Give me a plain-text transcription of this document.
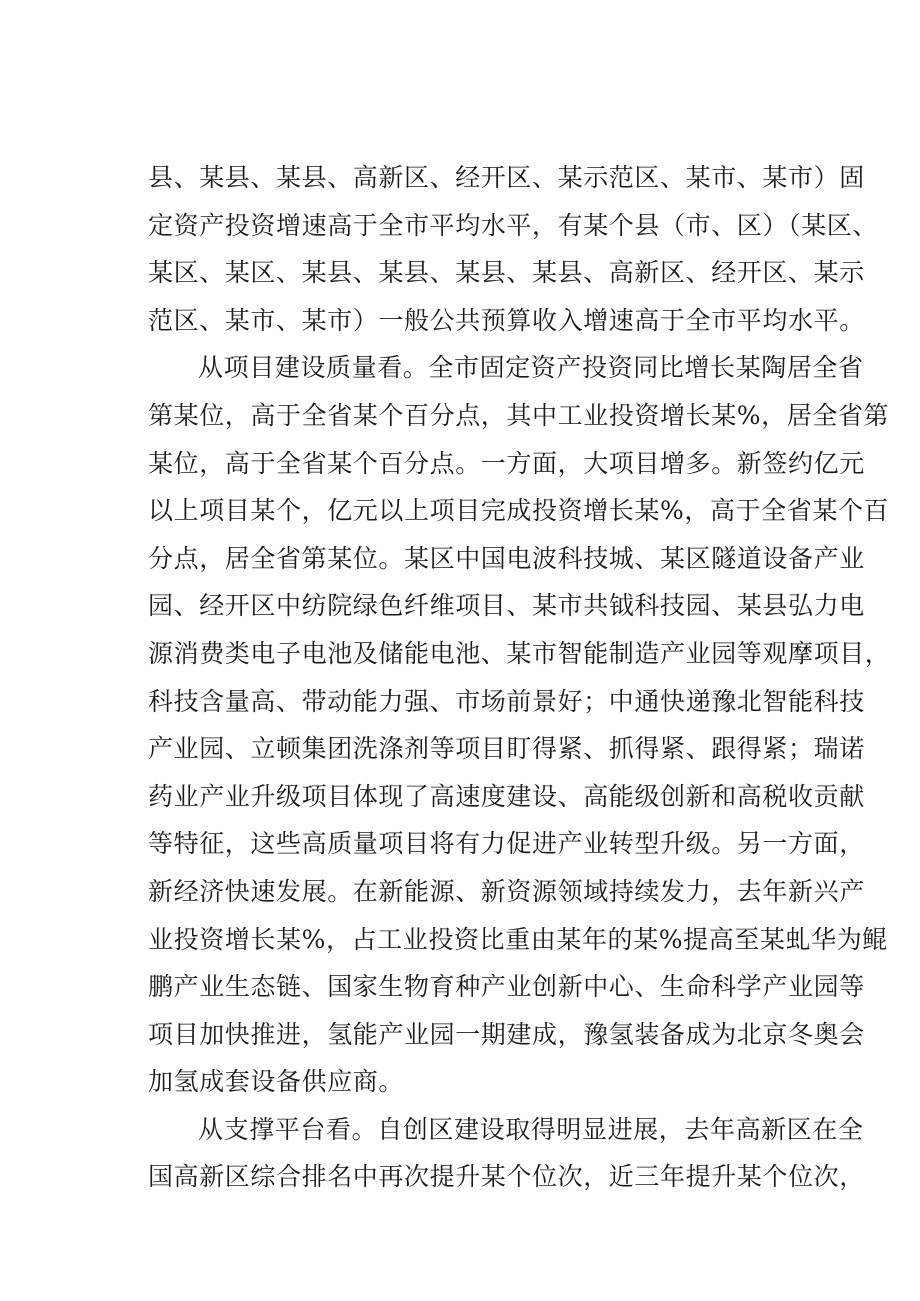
县、某县、某县、高新区、经开区、某示范区、某市、某市）固
定资产投资增速高于全市平均水平，有某个县（市、区）（某区、
某区、某区、某县、某县、某县、某县、高新区、经开区、某示
范区、某市、某市）一般公共预算收入增速高于全市平均水平。
从项目建设质量看。全市固定资产投资同比增长某陶居全省
第某位，高于全省某个百分点，其中工业投资增长某%，居全省第
某位，高于全省某个百分点。一方面，大项目增多。新签约亿元
以上项目某个，亿元以上项目完成投资增长某%，高于全省某个百
分点，居全省第某位。某区中国电波科技城、某区隧道设备产业
园、经开区中纺院绿色纤维项目、某市共钺科技园、某县弘力电
源消费类电子电池及储能电池、某市智能制造产业园等观摩项目，
科技含量高、带动能力强、市场前景好；中通快递豫北智能科技
产业园、立顿集团洗涤剂等项目盯得紧、抓得紧、跟得紧；瑞诺
药业产业升级项目体现了高速度建设、高能级创新和高税收贡献
等特征，这些高质量项目将有力促进产业转型升级。另一方面，
新经济快速发展。在新能源、新资源领域持续发力，去年新兴产
业投资增长某%，占工业投资比重由某年的某%提高至某虬华为鲲
鹏产业生态链、国家生物育种产业创新中心、生命科学产业园等
项目加快推进，氢能产业园一期建成，豫氢装备成为北京冬奥会
加氢成套设备供应商。
从支撑平台看。自创区建设取得明显进展，去年高新区在全
国高新区综合排名中再次提升某个位次，近三年提升某个位次，
